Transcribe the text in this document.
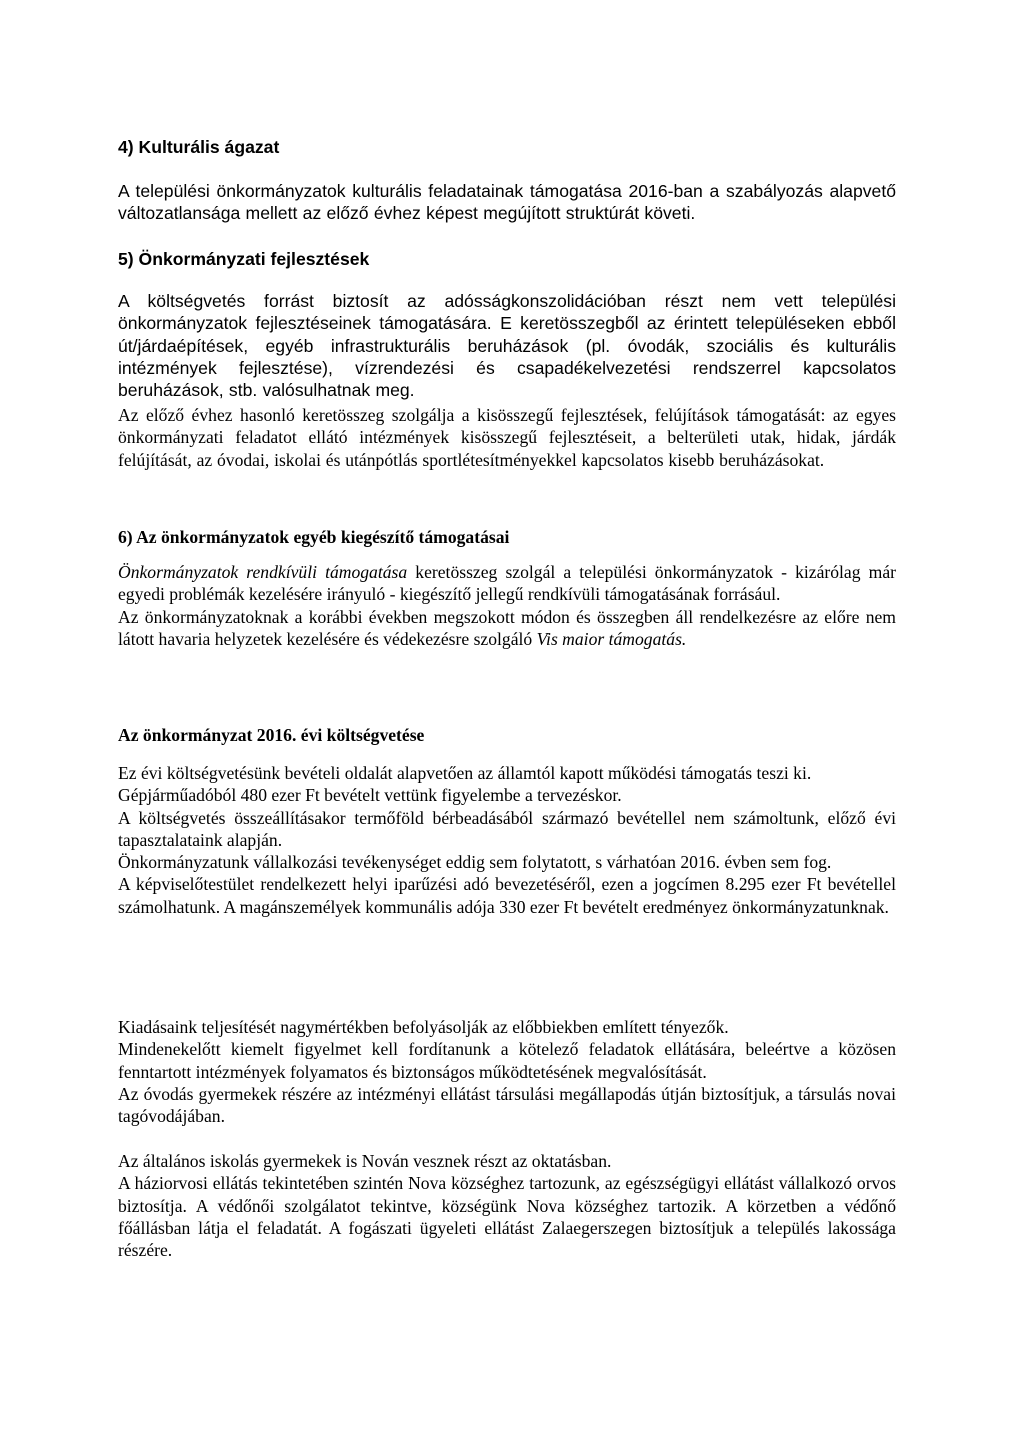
4) Kulturális ágazat

A települési önkormányzatok kulturális feladatainak támogatása 2016-ban a szabályozás alapvető változatlansága mellett az előző évhez képest megújított struktúrát követi.

5) Önkormányzati fejlesztések

A költségvetés forrást biztosít az adósságkonszolidációban részt nem vett települési önkormányzatok fejlesztéseinek támogatására. E keretösszegből az érintett településeken ebből út/járdaépítések, egyéb infrastrukturális beruházások (pl. óvodák, szociális és kulturális intézmények fejlesztése), vízrendezési és csapadékelvezetési rendszerrel kapcsolatos beruházások, stb. valósulhatnak meg.

Az előző évhez hasonló keretösszeg szolgálja a kisösszegű fejlesztések, felújítások támogatását: az egyes önkormányzati feladatot ellátó intézmények kisösszegű fejlesztéseit, a belterületi utak, hidak, járdák felújítását, az óvodai, iskolai és utánpótlás sportlétesítményekkel kapcsolatos kisebb beruházásokat.

6) Az önkormányzatok egyéb kiegészítő támogatásai

Önkormányzatok rendkívüli támogatása keretösszeg szolgál a települési önkormányzatok - kizárólag már egyedi problémák kezelésére irányuló - kiegészítő jellegű rendkívüli támogatásának forrásául.

Az önkormányzatoknak a korábbi években megszokott módon és összegben áll rendelkezésre az előre nem látott havaria helyzetek kezelésére és védekezésre szolgáló Vis maior támogatás.

Az önkormányzat 2016. évi költségvetése

Ez évi költségvetésünk bevételi oldalát alapvetően az államtól kapott működési támogatás teszi ki.

Gépjárműadóból 480 ezer Ft bevételt vettünk figyelembe a tervezéskor.

A költségvetés összeállításakor termőföld bérbeadásából származó bevétellel nem számoltunk, előző évi tapasztalataink alapján.

Önkormányzatunk vállalkozási tevékenységet eddig sem folytatott, s várhatóan 2016. évben sem fog.

A képviselőtestület rendelkezett helyi iparűzési adó bevezetéséről, ezen a jogcímen 8.295 ezer Ft bevétellel számolhatunk. A magánszemélyek kommunális adója 330 ezer Ft bevételt eredményez önkormányzatunknak.

Kiadásaink teljesítését nagymértékben befolyásolják az előbbiekben említett tényezők.

Mindenekelőtt kiemelt figyelmet kell fordítanunk a kötelező feladatok ellátására, beleértve a közösen fenntartott intézmények folyamatos és biztonságos működtetésének megvalósítását.

Az óvodás gyermekek részére az intézményi ellátást társulási megállapodás útján biztosítjuk, a társulás novai tagóvodájában.

Az általános iskolás gyermekek is Nován vesznek részt az oktatásban.

A háziorvosi ellátás tekintetében szintén Nova községhez tartozunk, az egészségügyi ellátást vállalkozó orvos biztosítja. A védőnői szolgálatot tekintve, községünk Nova községhez tartozik. A körzetben a védőnő főállásban látja el feladatát. A fogászati ügyeleti ellátást Zalaegerszegen biztosítjuk a település lakossága részére.
